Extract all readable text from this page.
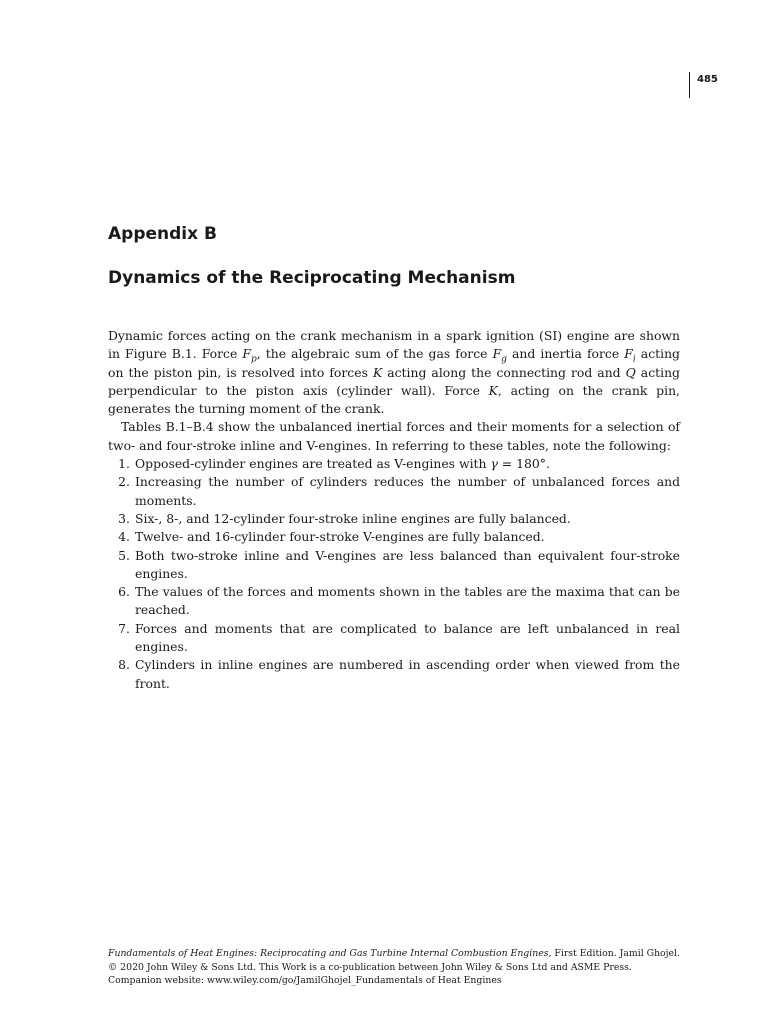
485
Appendix B
Dynamics of the Reciprocating Mechanism

Dynamic forces acting on the crank mechanism in a spark ignition (SI) engine are shown in Figure B.1. Force $F_p$, the algebraic sum of the gas force $F_g$ and inertia force $F_i$ acting on the piston pin, is resolved into forces K acting along the connecting rod and Q acting perpendicular to the piston axis (cylinder wall). Force K, acting on the crank pin, generates the turning moment of the crank.

Tables B.1–B.4 show the unbalanced inertial forces and their moments for a selection of two- and four-stroke inline and V-engines. In referring to these tables, note the following:

1. Opposed-cylinder engines are treated as V-engines with γ = 180°.
2. Increasing the number of cylinders reduces the number of unbalanced forces and moments.
3. Six-, 8-, and 12-cylinder four-stroke inline engines are fully balanced.
4. Twelve- and 16-cylinder four-stroke V-engines are fully balanced.
5. Both two-stroke inline and V-engines are less balanced than equivalent four-stroke engines.
6. The values of the forces and moments shown in the tables are the maxima that can be reached.
7. Forces and moments that are complicated to balance are left unbalanced in real engines.
8. Cylinders in inline engines are numbered in ascending order when viewed from the front.
Fundamentals of Heat Engines: Reciprocating and Gas Turbine Internal Combustion Engines, First Edition. Jamil Ghojel.
© 2020 John Wiley & Sons Ltd. This Work is a co-publication between John Wiley & Sons Ltd and ASME Press.
Companion website: www.wiley.com/go/JamilGhojel_Fundamentals of Heat Engines
